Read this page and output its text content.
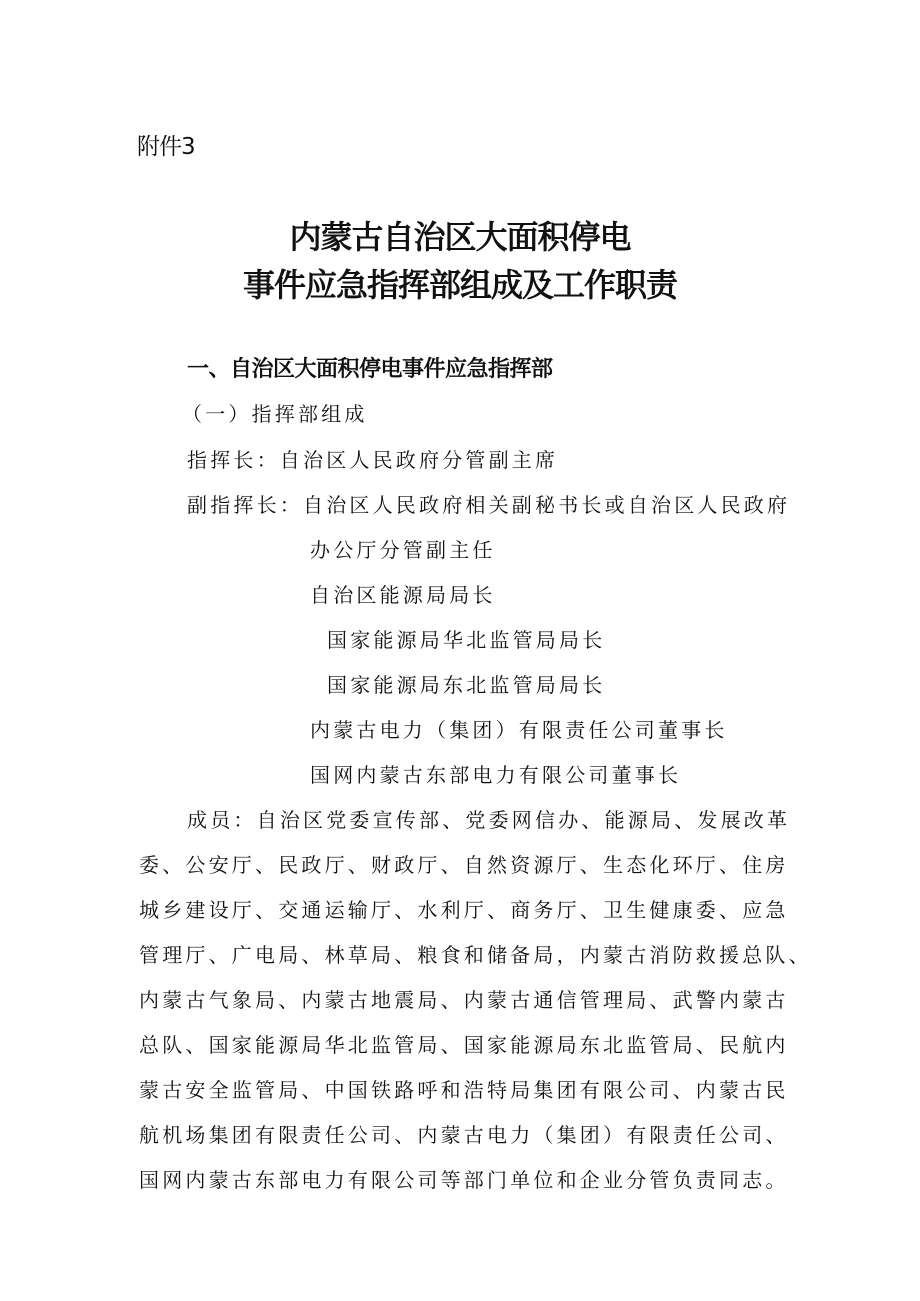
附件3
内蒙古自治区大面积停电
事件应急指挥部组成及工作职责
一、自治区大面积停电事件应急指挥部
（一）指挥部组成
指挥长：自治区人民政府分管副主席
副指挥长：自治区人民政府相关副秘书长或自治区人民政府
办公厅分管副主任
自治区能源局局长
国家能源局华北监管局局长
国家能源局东北监管局局长
内蒙古电力（集团）有限责任公司董事长
国网内蒙古东部电力有限公司董事长
成员：自治区党委宣传部、党委网信办、能源局、发展改革
委、公安厅、民政厅、财政厅、自然资源厅、生态化环厅、住房
城乡建设厅、交通运输厅、水利厅、商务厅、卫生健康委、应急
管理厅、广电局、林草局、粮食和储备局，内蒙古消防救援总队、
内蒙古气象局、内蒙古地震局、内蒙古通信管理局、武警内蒙古
总队、国家能源局华北监管局、国家能源局东北监管局、民航内
蒙古安全监管局、中国铁路呼和浩特局集团有限公司、内蒙古民
航机场集团有限责任公司、内蒙古电力（集团）有限责任公司、
国网内蒙古东部电力有限公司等部门单位和企业分管负责同志。
